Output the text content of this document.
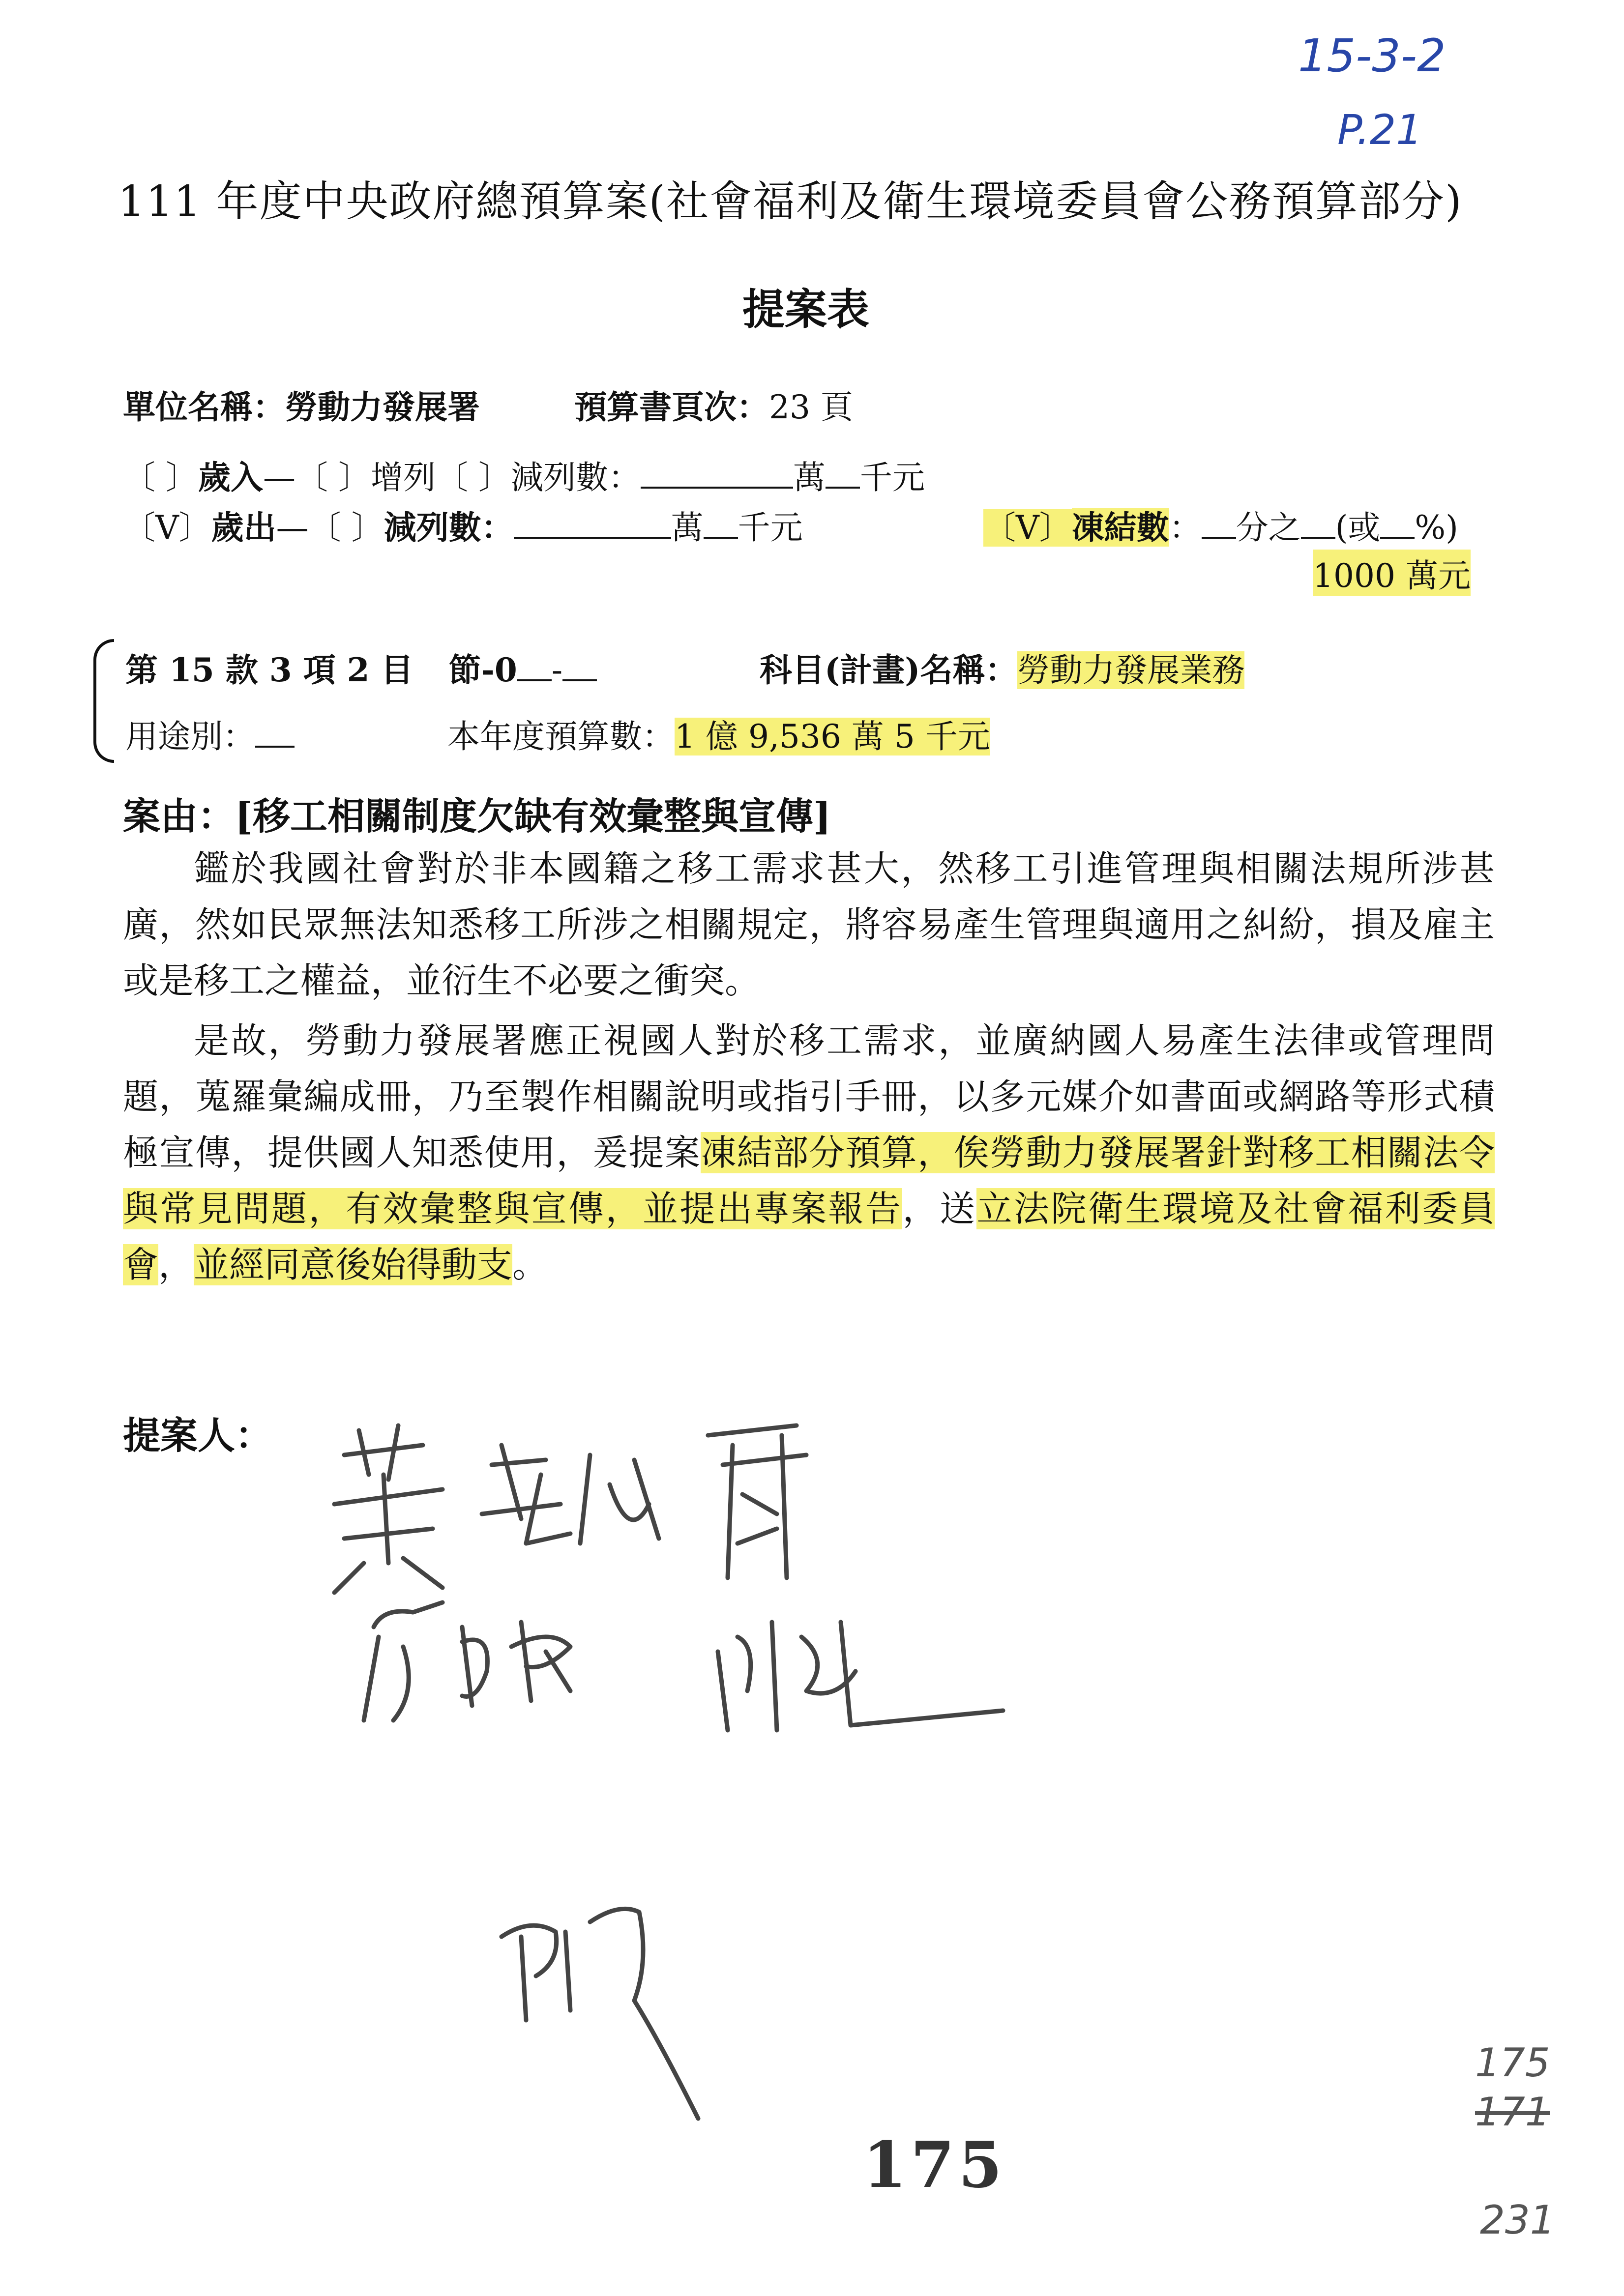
15-3-2
P.21
111 年度中央政府總預算案(社會福利及衛生環境委員會公務預算部分)
提案表
單位名稱：勞動力發展署	預算書頁次：23 頁
〔 〕歲入—〔 〕增列〔 〕減列數：	萬 千元
〔V〕歲出—〔 〕減列數：	萬 千元	〔V〕凍結數： 分之 (或 %)
1000 萬元
第 15 款 3 項 2 目 節-0 -	科目(計畫)名稱：勞動力發展業務
用途別：	本年度預算數：1 億 9,536 萬 5 千元
案由：[移工相關制度欠缺有效彙整與宣傳]
鑑於我國社會對於非本國籍之移工需求甚大，然移工引進管理與相關法規所涉甚廣，然如民眾無法知悉移工所涉之相關規定，將容易產生管理與適用之糾紛，損及雇主或是移工之權益，並衍生不必要之衝突。
是故，勞動力發展署應正視國人對於移工需求，並廣納國人易產生法律或管理問題，蒐羅彙編成冊，乃至製作相關說明或指引手冊，以多元媒介如書面或網路等形式積極宣傳，提供國人知悉使用，爰提案凍結部分預算，俟勞動力發展署針對移工相關法令與常見問題，有效彙整與宣傳，並提出專案報告，送立法院衛生環境及社會福利委員會，並經同意後始得動支。
提案人：
175
171
231
175
